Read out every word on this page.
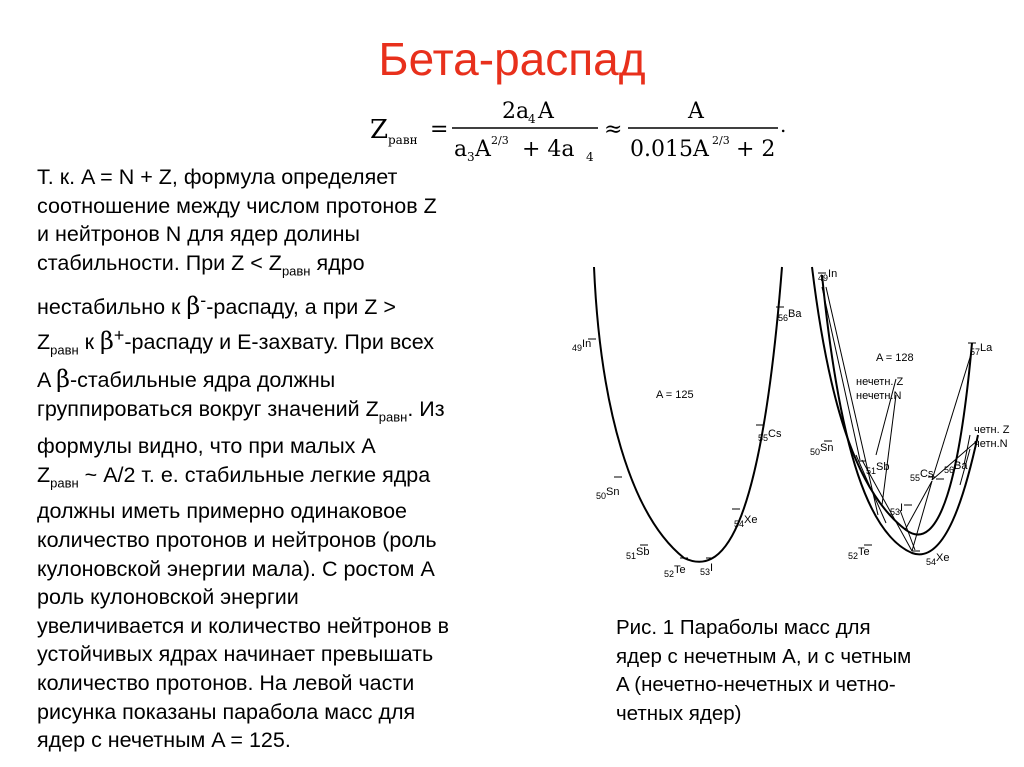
Бета-распад
Z равн =
2a
4 A
a 3 A 2/3 + 4a 4
≈
A
0.015A 2/3 + 2
.

Т. к. A = N + Z, формула определяет

соотношение между числом протонов Z

и нейтронов N для ядер долины

стабильности. При $Z < Z_{равн}$ ядро

нестабильно к β--распаду, а при Z >

$Z_{равн}$ к β+-распаду и Е-захвату. При всех

A β-стабильные ядра должны

группироваться вокруг значений $Z_{равн}$. Из

формулы видно, что при малых A

$Z_{равн}$ ~ A/2 т. е. стабильные легкие ядра

должны иметь примерно одинаковое

количество протонов и нейтронов (роль

кулоновской энергии мала). С ростом A

роль кулоновской энергии

увеличивается и количество нейтронов в

устойчивых ядрах начинает превышать

количество протонов. На левой части

рисунка показаны парабола масс для

ядер с нечетным A = 125.

A = 125
A = 128
нечетн. Z
нечетн.N
четн. Z
четн.N
$_{49}^{In}$
$_{50}^{Sn}$
$_{51}^{Sb}$
$_{52}^{Te}$ $_{53}^I$
$_{54}^{Xe}$
$_{55}^{Cs}$
$_{56}^{Ba}$
$_{49}^{In}$
$_{50}^{Sn}$
$_{51}^{Sb}$
$_{52}^{Te}$
$_{53}^I$
$_{54}^{Xe}$
$_{55}^{Cs}$ $_{56}^{Ba}$
$_{57}^{La}$
Рис. 1 Параболы масс для
ядер с нечетным A, и с четным
A (нечетно-нечетных и четно-
четных ядер)
